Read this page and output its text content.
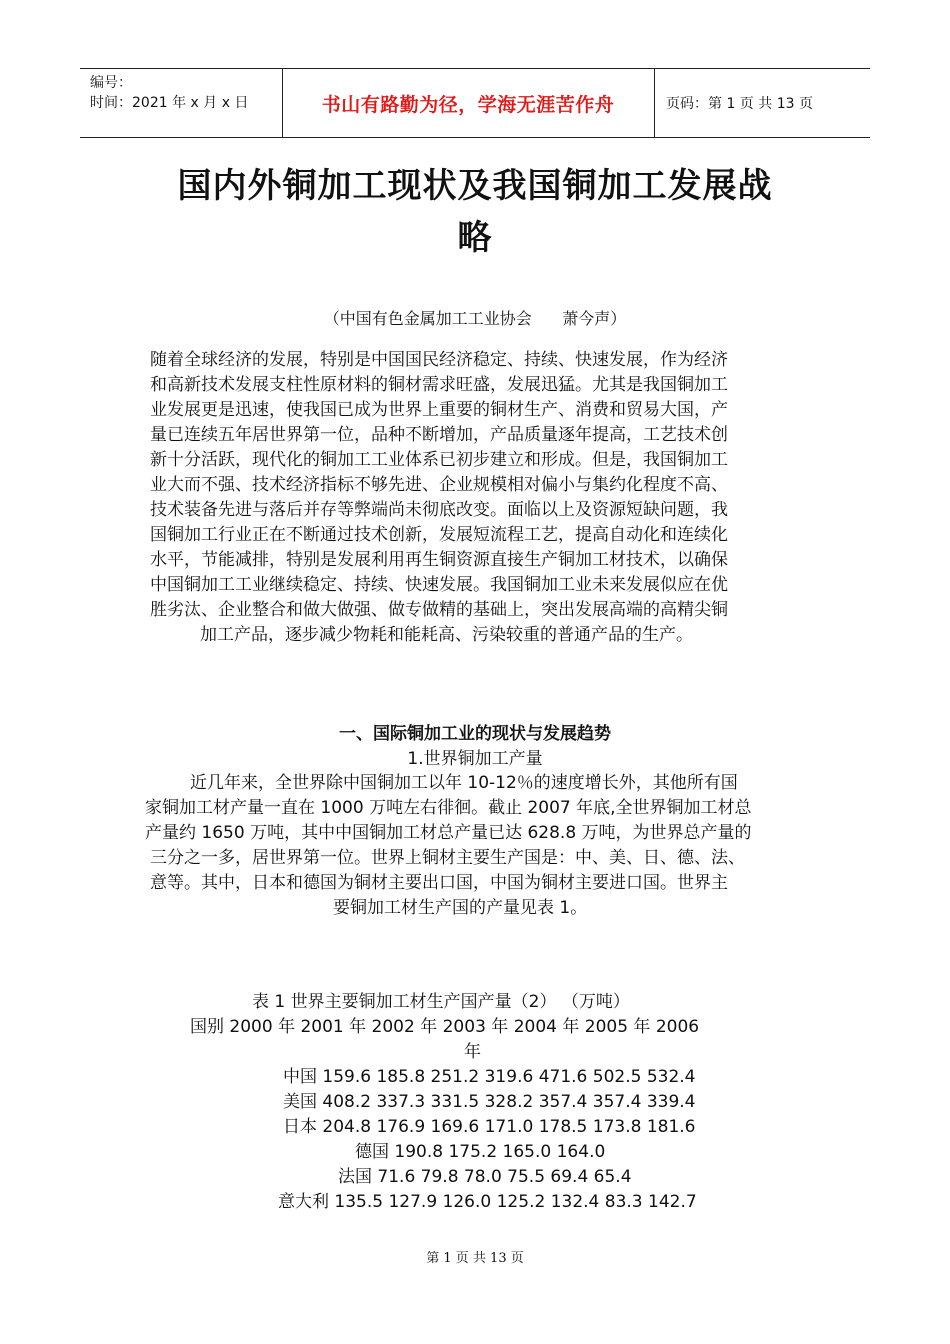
编号：
时间：2021 年 x 月 x 日	书山有路勤为径，学海无涯苦作舟	页码：第 1 页 共 13 页
国内外铜加工现状及我国铜加工发展战
略
（中国有色金属加工工业协会      萧今声）
随着全球经济的发展，特别是中国国民经济稳定、持续、快速发展，作为经济
和高新技术发展支柱性原材料的铜材需求旺盛，发展迅猛。尤其是我国铜加工
业发展更是迅速，使我国已成为世界上重要的铜材生产、消费和贸易大国，产
量已连续五年居世界第一位，品种不断增加，产品质量逐年提高，工艺技术创
新十分活跃，现代化的铜加工工业体系已初步建立和形成。但是，我国铜加工
业大而不强、技术经济指标不够先进、企业规模相对偏小与集约化程度不高、
技术装备先进与落后并存等弊端尚未彻底改变。面临以上及资源短缺问题，我
国铜加工行业正在不断通过技术创新，发展短流程工艺，提高自动化和连续化
水平，节能减排，特别是发展利用再生铜资源直接生产铜加工材技术，以确保
中国铜加工工业继续稳定、持续、快速发展。我国铜加工业未来发展似应在优
胜劣汰、企业整合和做大做强、做专做精的基础上，突出发展高端的高精尖铜
加工产品，逐步减少物耗和能耗高、污染较重的普通产品的生产。
一、国际铜加工业的现状与发展趋势
1.世界铜加工产量
近几年来，全世界除中国铜加工以年 10-12％的速度增长外，其他所有国
家铜加工材产量一直在 1000 万吨左右徘徊。截止 2007 年底,全世界铜加工材总
产量约 1650 万吨，其中中国铜加工材总产量已达 628.8 万吨，为世界总产量的
三分之一多，居世界第一位。世界上铜材主要生产国是：中、美、日、德、法、
意等。其中，日本和德国为铜材主要出口国，中国为铜材主要进口国。世界主
要铜加工材生产国的产量见表 1。
表 1 世界主要铜加工材生产国产量（2） （万吨）
国别 2000 年 2001 年 2002 年 2003 年 2004 年 2005 年 2006
年
中国 159.6 185.8 251.2 319.6 471.6 502.5 532.4
美国 408.2 337.3 331.5 328.2 357.4 357.4 339.4
日本 204.8 176.9 169.6 171.0 178.5 173.8 181.6
德国 190.8 175.2 165.0 164.0
法国 71.6 79.8 78.0 75.5 69.4 65.4
意大利 135.5 127.9 126.0 125.2 132.4 83.3 142.7
第 1 页 共 13 页
